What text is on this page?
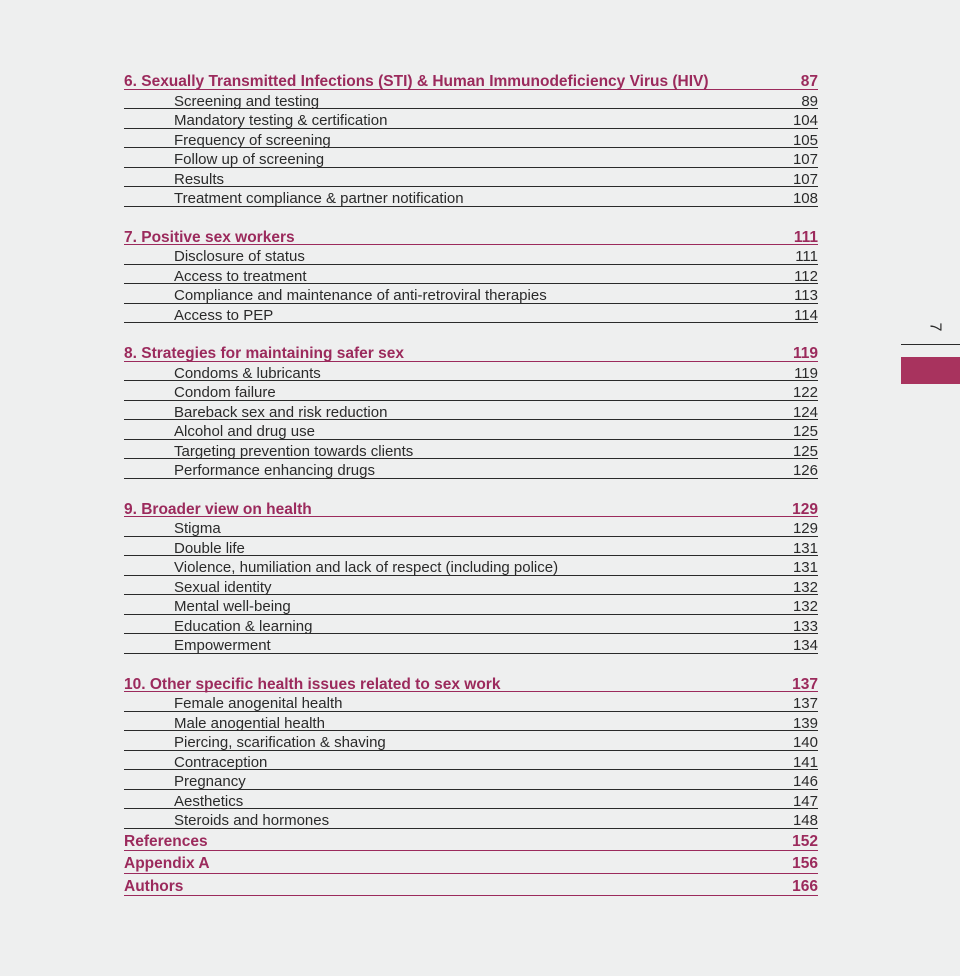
6. Sexually Transmitted Infections (STI) & Human Immunodeficiency Virus (HIV)	87
Screening and testing	89
Mandatory testing & certification	104
Frequency of screening	105
Follow up of screening	107
Results	107
Treatment compliance & partner notification	108
7. Positive sex workers	111
Disclosure of status	111
Access to treatment	112
Compliance and maintenance of anti-retroviral therapies	113
Access to PEP	114
8. Strategies for maintaining safer sex	119
Condoms & lubricants	119
Condom failure	122
Bareback sex and risk reduction	124
Alcohol and drug use	125
Targeting prevention towards clients	125
Performance enhancing drugs	126
9. Broader view on health	129
Stigma	129
Double life	131
Violence, humiliation and lack of respect (including police)	131
Sexual identity	132
Mental well-being	132
Education & learning	133
Empowerment	134
10. Other specific health issues related to sex work	137
Female anogenital health	137
Male anogential health	139
Piercing, scarification & shaving	140
Contraception	141
Pregnancy	146
Aesthetics	147
Steroids and hormones	148
References	152
Appendix A	156
Authors	166
7
